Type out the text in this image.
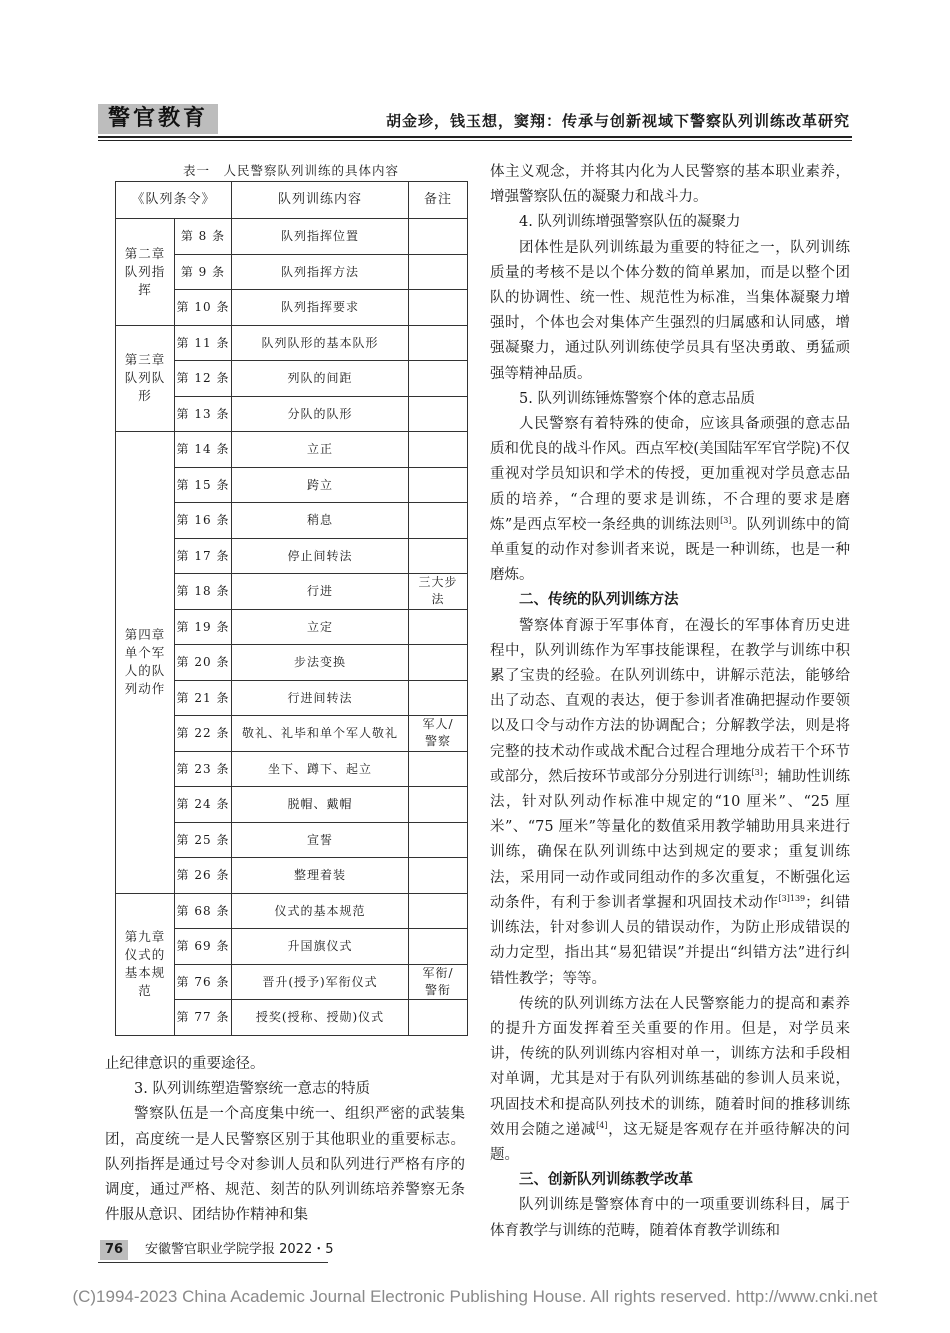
警官教育	胡金珍，钱玉想，窦翔：传承与创新视域下警察队列训练改革研究
表一　人民警察队列训练的具体内容
《队列条令》		队列训练内容	备注
第二章队列指挥	第 8 条	队列指挥位置	
	第 9 条	队列指挥方法	
	第 10 条	队列指挥要求	
第三章队列队形	第 11 条	队列队形的基本队形	
	第 12 条	列队的间距	
	第 13 条	分队的队形	
第四章单个军人的队列动作	第 14 条	立正	
	第 15 条	跨立	
	第 16 条	稍息	
	第 17 条	停止间转法	
	第 18 条	行进	三大步法
	第 19 条	立定	
	第 20 条	步法变换	
	第 21 条	行进间转法	
	第 22 条	敬礼、礼毕和单个军人敬礼	军人/警察
	第 23 条	坐下、蹲下、起立	
	第 24 条	脱帽、戴帽	
	第 25 条	宣誓	
	第 26 条	整理着装	
第九章仪式的基本规范	第 68 条	仪式的基本规范	
	第 69 条	升国旗仪式	
	第 76 条	晋升(授予)军衔仪式	军衔/警衔
	第 77 条	授奖(授称、授勋)仪式	

体主义观念，并将其内化为人民警察的基本职业素养，增强警察队伍的凝聚力和战斗力。

4. 队列训练增强警察队伍的凝聚力

团体性是队列训练最为重要的特征之一，队列训练质量的考核不是以个体分数的简单累加，而是以整个团队的协调性、统一性、规范性为标准，当集体凝聚力增强时，个体也会对集体产生强烈的归属感和认同感，增强凝聚力，通过队列训练使学员具有坚决勇敢、勇猛顽强等精神品质。

5. 队列训练锤炼警察个体的意志品质

人民警察有着特殊的使命，应该具备顽强的意志品质和优良的战斗作风。西点军校(美国陆军军官学院)不仅重视对学员知识和学术的传授，更加重视对学员意志品质的培养，“合理的要求是训练，不合理的要求是磨炼”是西点军校一条经典的训练法则[3]。队列训练中的简单重复的动作对参训者来说，既是一种训练，也是一种磨炼。

二、传统的队列训练方法

警察体育源于军事体育，在漫长的军事体育历史进程中，队列训练作为军事技能课程，在教学与训练中积累了宝贵的经验。在队列训练中，讲解示范法，能够给出了动态、直观的表达，便于参训者准确把握动作要领以及口令与动作方法的协调配合；分解教学法，则是将完整的技术动作或战术配合过程合理地分成若干个环节或部分，然后按环节或部分分别进行训练[3]；辅助性训练法，针对队列动作标准中规定的“10 厘米”、“25 厘米”、“75 厘米”等量化的数值采用教学辅助用具来进行训练，确保在队列训练中达到规定的要求；重复训练法，采用同一动作或同组动作的多次重复，不断强化运动条件，有利于参训者掌握和巩固技术动作$^{[3]139}$；纠错训练法，针对参训人员的错误动作，为防止形成错误的动力定型，指出其“易犯错误”并提出“纠错方法”进行纠错性教学；等等。

传统的队列训练方法在人民警察能力的提高和素养的提升方面发挥着至关重要的作用。但是，对学员来讲，传统的队列训练内容相对单一，训练方法和手段相对单调，尤其是对于有队列训练基础的参训人员来说，巩固技术和提高队列技术的训练，随着时间的推移训练效用会随之递减[4]，这无疑是客观存在并亟待解决的问题。

三、创新队列训练教学改革

队列训练是警察体育中的一项重要训练科目，属于体育教学与训练的范畴，随着体育教学训练和

止纪律意识的重要途径。

3. 队列训练塑造警察统一意志的特质

警察队伍是一个高度集中统一、组织严密的武装集团，高度统一是人民警察区别于其他职业的重要标志。队列指挥是通过号令对参训人员和队列进行严格有序的调度，通过严格、规范、刻苦的队列训练培养警察无条件服从意识、团结协作精神和集

76	安徽警官职业学院学报 2022・5
(C)1994-2023 China Academic Journal Electronic Publishing House. All rights reserved. http://www.cnki.net
